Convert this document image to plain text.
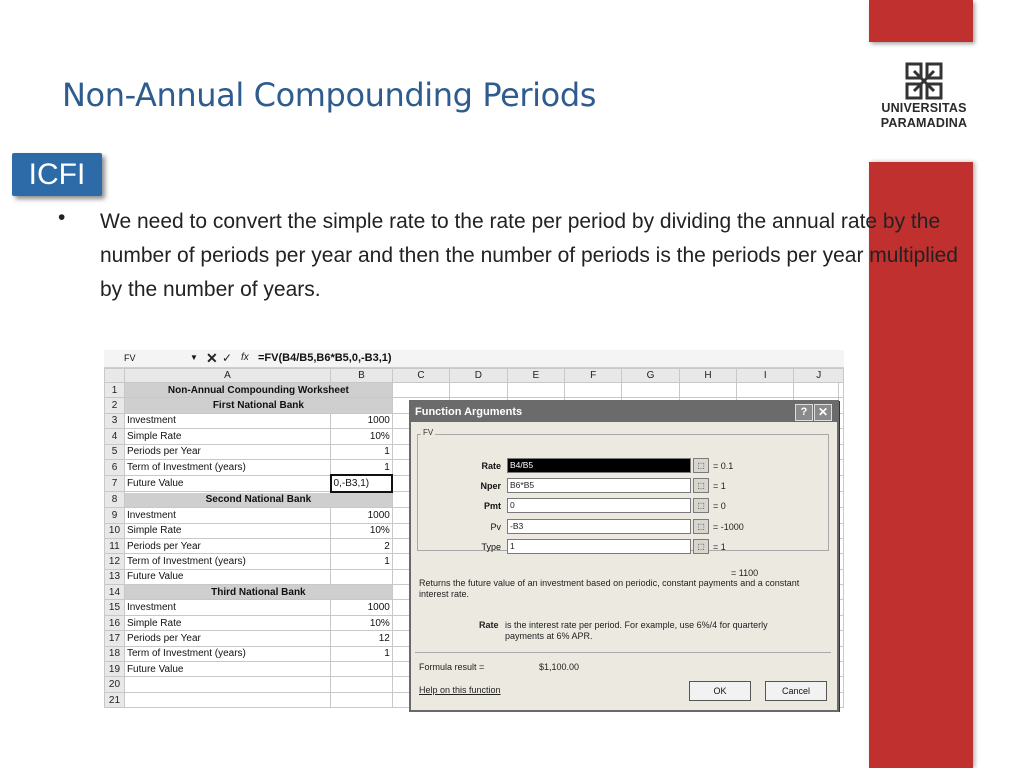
UNIVERSITAS
PARAMADINA
Non-Annual Compounding Periods
ICFI
• We need to convert the simple rate to the rate per period by dividing the annual rate by the number of periods per year and then the number of periods is the periods per year multiplied by the number of years.
FV	▼ ✕ ✓ fx =FV(B4/B5,B6*B5,0,-B3,1)
	A	B	C	D	E	F	G	H	I	J	
1	Non-Annual Compounding Worksheet										
2	First National Bank										
3	Investment	1000									
4	Simple Rate	10%									
5	Periods per Year	1									
6	Term of Investment (years)	1									
7	Future Value	0,-B3,1)									
8	Second National Bank										
9	Investment	1000									
10	Simple Rate	10%									
11	Periods per Year	2									
12	Term of Investment (years)	1									
13	Future Value										
14	Third National Bank										
15	Investment	1000									
16	Simple Rate	10%									
17	Periods per Year	12									
18	Term of Investment (years)	1									
19	Future Value										
20											
21											
Function Arguments	? ✕
FV
Rate	B4/B5	⬚ = 0.1
Nper	B6*B5	⬚ = 1
Pmt	0	⬚ = 0
Pv	-B3	⬚ = -1000
Type	1	⬚ = 1
= 1100
Returns the future value of an investment based on periodic, constant payments and a constant interest rate.
Rate is the interest rate per period. For example, use 6%/4 for quarterly payments at 6% APR.
Formula result =	$1,100.00
Help on this function	OK	Cancel
